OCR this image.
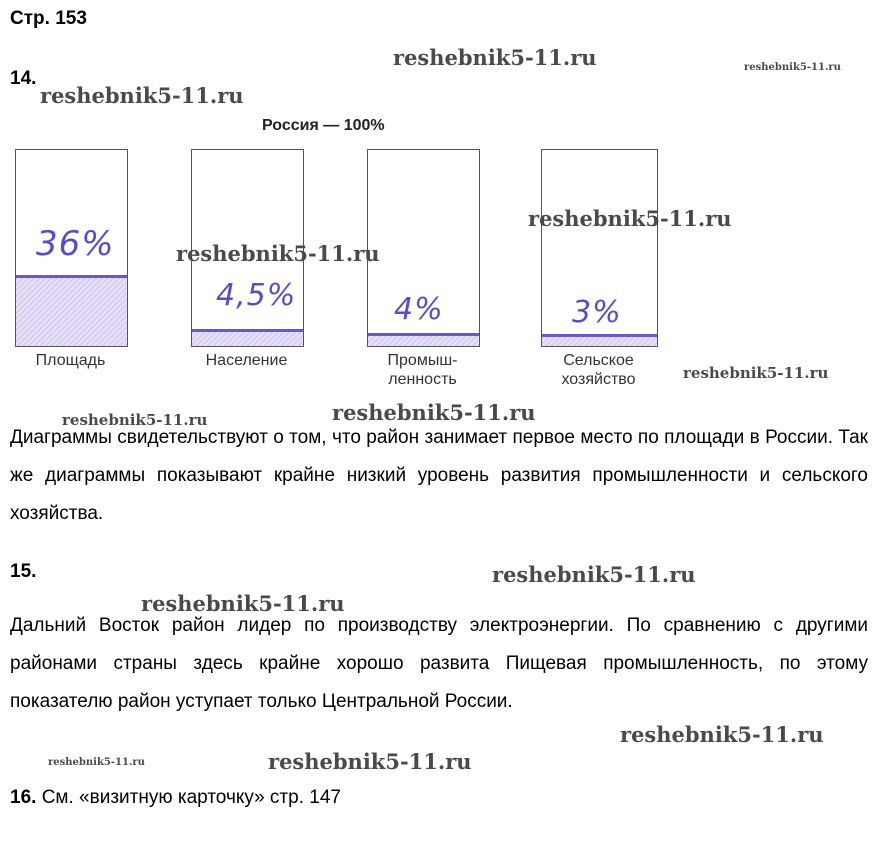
Стр. 153
14.
Россия — 100%
36%
Площадь
4,5%
Население
4%
Промыш-
ленность
3%
Сельское
хозяйство
Диаграммы свидетельствуют о том, что район занимает первое место по площади в России. Так же диаграммы показывают крайне низкий уровень развития промышленности и сельского хозяйства.
15.
Дальний Восток район лидер по производству электроэнергии. По сравнению с другими районами страны здесь крайне хорошо развита Пищевая промышленность, по этому показателю район уступает только Центральной России.
16. См. «визитную карточку» стр. 147
reshebnik5-11.ru	reshebnik5-11.ru
reshebnik5-11.ru
reshebnik5-11.ru
reshebnik5-11.ru
reshebnik5-11.ru
reshebnik5-11.ru	reshebnik5-11.ru
reshebnik5-11.ru
reshebnik5-11.ru
reshebnik5-11.ru
reshebnik5-11.ru	reshebnik5-11.ru
